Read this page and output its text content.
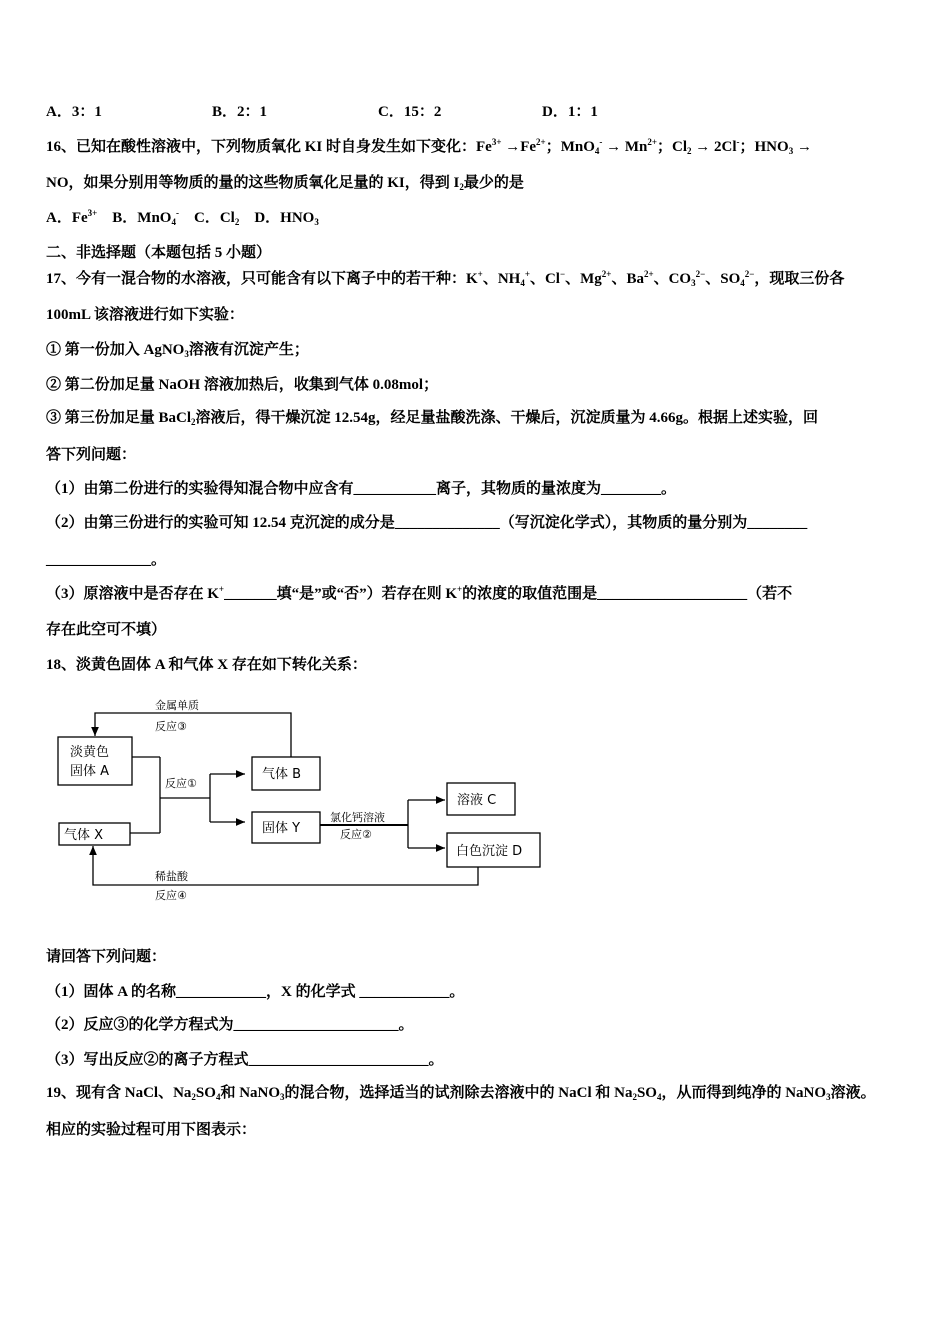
A．3：1	B．2：1	C．15：2	D．1：1
16、已知在酸性溶液中，下列物质氧化 KI 时自身发生如下变化：$Fe^{3+} \to Fe^{2+}$；$MnO_4^- \to Mn^{2+}$；$Cl_2 \to 2Cl^-$；$HNO_3$ →
NO，如果分别用等物质的量的这些物质氧化足量的 KI，得到 $I_2$最少的是
A．$Fe^{3+}$　B．MnO$_4$-　C．$Cl_2$　D．$HNO_3$
二、非选择题（本题包括 5 小题）
17、今有一混合物的水溶液，只可能含有以下离子中的若干种：K+、$NH_4^+$、Cl−、$Mg^{2+}$、$Ba^{2+}$、$CO_3^{2-}$、$SO_4^{2-}$，现取三份各
100mL 该溶液进行如下实验：
① 第一份加入 AgNO$_3$溶液有沉淀产生；
② 第二份加足量 NaOH 溶液加热后，收集到气体 0.08mol；
③ 第三份加足量 BaCl$_2$溶液后，得干燥沉淀 12.54g，经足量盐酸洗涤、干燥后，沉淀质量为 4.66g。根据上述实验，回
答下列问题：
（1）由第二份进行的实验得知混合物中应含有___________离子，其物质的量浓度为________。
（2）由第三份进行的实验可知 12.54 克沉淀的成分是______________（写沉淀化学式），其物质的量分别为________
______________。
（3）原溶液中是否存在 K+_______填“是”或“否”）若存在则 K+的浓度的取值范围是____________________（若不
存在此空可不填）
18、淡黄色固体 A 和气体 X 存在如下转化关系：
请回答下列问题：
（1）固体 A 的名称____________，X 的化学式 ____________。
（2）反应③的化学方程式为______________________。
（3）写出反应②的离子方程式________________________。
19、现有含 NaCl、$Na_2SO_4$和 NaNO$_3$的混合物，选择适当的试剂除去溶液中的 NaCl 和 $Na_2SO_4$，从而得到纯净的 NaNO$_3$溶液。
相应的实验过程可用下图表示：
淡黄色
固体 A
气体 X
气体 B
固体 Y
溶液 C
白色沉淀 D
金属单质
反应③
反应①
氯化钙溶液
反应②
稀盐酸
反应④
